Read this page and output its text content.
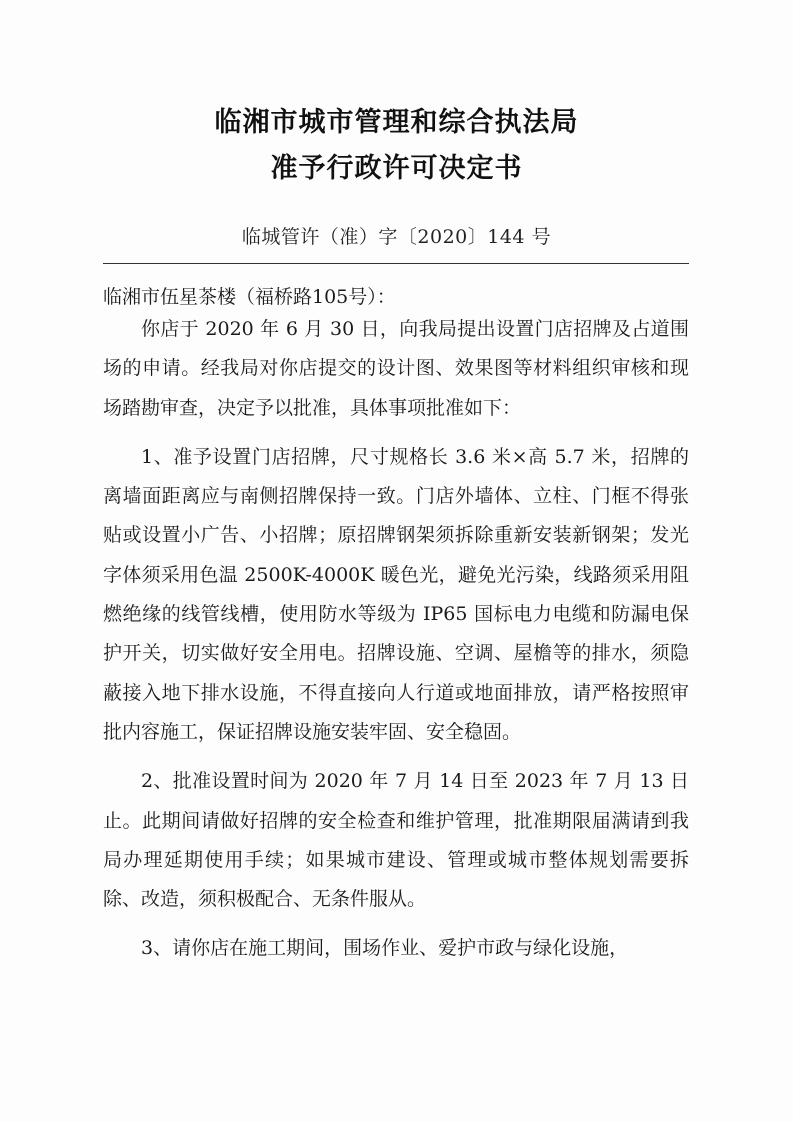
临湘市城市管理和综合执法局
准予行政许可决定书
临城管许（准）字〔2020〕144 号
临湘市伍星茶楼（福桥路105号）：

你店于 2020 年 6 月 30 日，向我局提出设置门店招牌及占道围场的申请。经我局对你店提交的设计图、效果图等材料组织审核和现场踏勘审查，决定予以批准，具体事项批准如下：

1、准予设置门店招牌，尺寸规格长 3.6 米×高 5.7 米，招牌的离墙面距离应与南侧招牌保持一致。门店外墙体、立柱、门框不得张贴或设置小广告、小招牌；原招牌钢架须拆除重新安装新钢架；发光字体须采用色温 2500K-4000K 暖色光，避免光污染，线路须采用阻燃绝缘的线管线槽，使用防水等级为 IP65 国标电力电缆和防漏电保护开关，切实做好安全用电。招牌设施、空调、屋檐等的排水，须隐蔽接入地下排水设施，不得直接向人行道或地面排放，请严格按照审批内容施工，保证招牌设施安装牢固、安全稳固。

2、批准设置时间为 2020 年 7 月 14 日至 2023 年 7 月 13 日止。此期间请做好招牌的安全检查和维护管理，批准期限届满请到我局办理延期使用手续；如果城市建设、管理或城市整体规划需要拆除、改造，须积极配合、无条件服从。

3、请你店在施工期间，围场作业、爱护市政与绿化设施，
